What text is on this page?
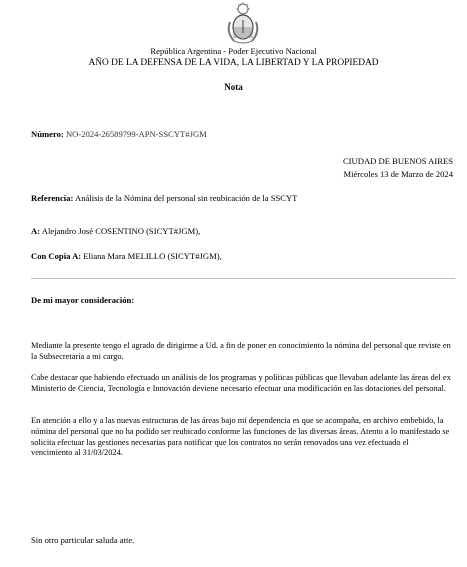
República Argentina - Poder Ejecutivo Nacional
AÑO DE LA DEFENSA DE LA VIDA, LA LIBERTAD Y LA PROPIEDAD
Nota
Número: NO-2024-26589799-APN-SSCYT#JGM
CIUDAD DE BUENOS AIRES
Miércoles 13 de Marzo de 2024
Referencia: Análisis de la Nómina del personal sin reubicación de la SSCYT
A: Alejandro José COSENTINO (SICYT#JGM),
Con Copia A: Eliana Mara MELILLO (SICYT#JGM),
De mi mayor consideración:
Mediante la presente tengo el agrado de dirigirme a Ud. a fin de poner en conocimiento la nómina del personal que reviste en la Subsecretaría a mi cargo.
Cabe destacar que habiendo efectuado un análisis de los programas y políticas públicas que llevaban adelante las áreas del ex Ministerio de Ciencia, Tecnología e Innovación deviene necesario efectuar una modificación en las dotaciones del personal.
En atención a ello y a las nuevas estructuras de las áreas bajo mi dependencia es que se acompaña, en archivo embebido, la nómina del personal que no ha podido ser reubicado conforme las funciones de las diversas áreas. Atento a lo manifestado se solicita efectuar las gestiones necesarias para notificar que los contratos no serán renovados una vez efectuado el vencimiento al 31/03/2024.
Sin otro particular saluda atte.
